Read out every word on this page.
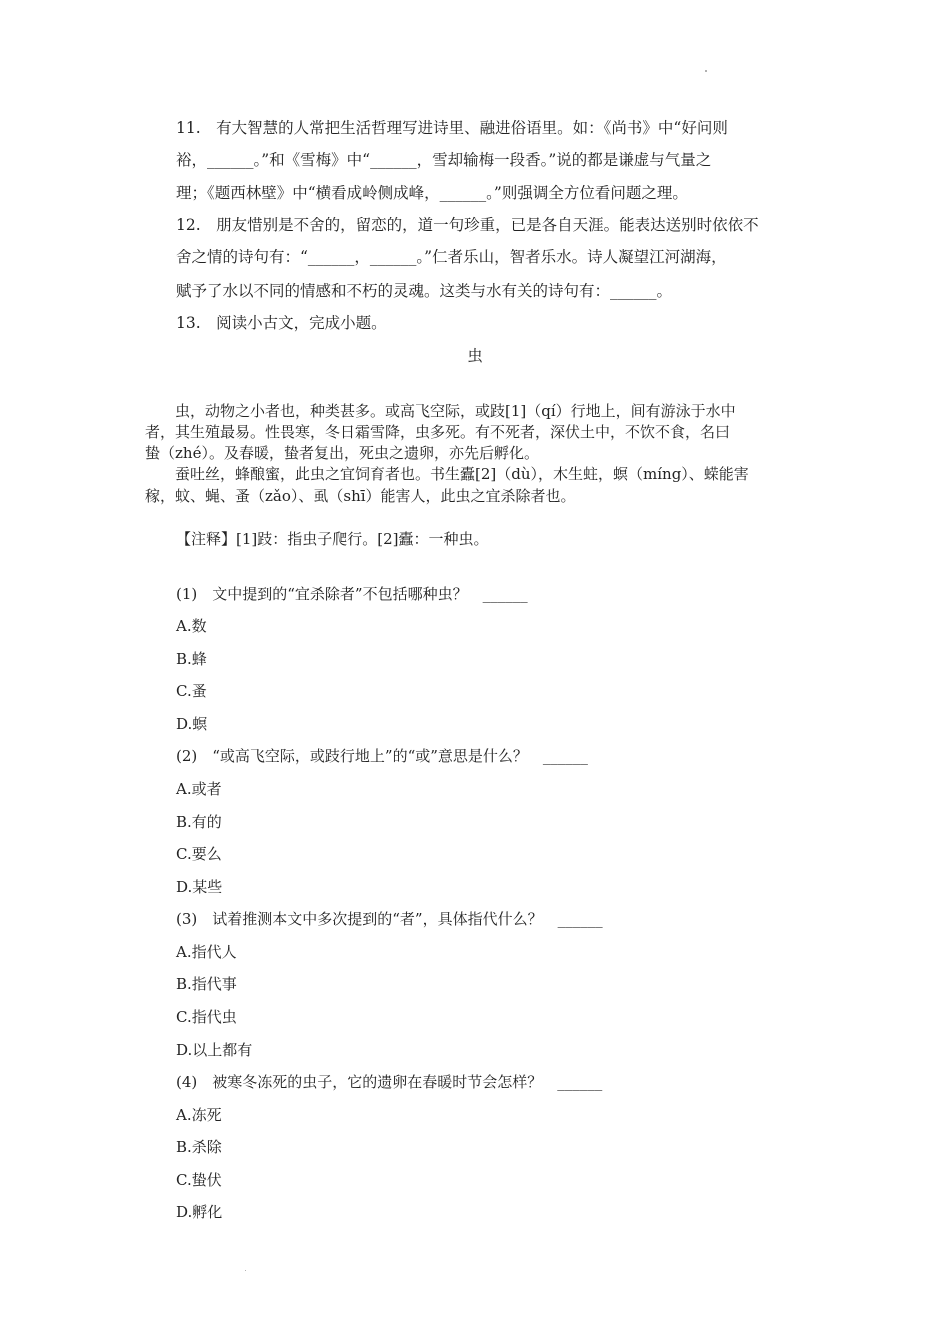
11.　有大智慧的人常把生活哲理写进诗里、融进俗语里。如：《尚书》中“好问则
裕，______。”和《雪梅》中“______，雪却输梅一段香。”说的都是谦虚与气量之
理；《题西林壁》中“横看成岭侧成峰，______。”则强调全方位看问题之理。
12.　朋友惜别是不舍的，留恋的，道一句珍重，已是各自天涯。能表达送别时依依不
舍之情的诗句有：“______，______。”仁者乐山，智者乐水。诗人凝望江河湖海，
赋予了水以不同的情感和不朽的灵魂。这类与水有关的诗句有：______。
13.　阅读小古文，完成小题。
虫
　　虫，动物之小者也，种类甚多。或高飞空际，或跂[1]（qí）行地上，间有游泳于水中
者，其生殖最易。性畏寒，冬日霜雪降，虫多死。有不死者，深伏土中，不饮不食，名曰
蛰（zhé）。及春暖，蛰者复出，死虫之遗卵，亦先后孵化。
　　蚕吐丝，蜂酿蜜，此虫之宜饲育者也。书生蠹[2]（dù），木生蛀，螟（míng）、蝾能害
稼，蚊、蝇、蚤（zǎo）、虱（shī）能害人，此虫之宜杀除者也。
【注释】[1]跂：指虫子爬行。[2]蠹：一种虫。
(1)　文中提到的“宜杀除者”不包括哪种虫？　______
A.数
B.蜂
C.蚤
D.螟
(2)　“或高飞空际，或跂行地上”的“或”意思是什么？　______
A.或者
B.有的
C.要么
D.某些
(3)　试着推测本文中多次提到的“者”，具体指代什么？　______
A.指代人
B.指代事
C.指代虫
D.以上都有
(4)　被寒冬冻死的虫子，它的遗卵在春暖时节会怎样？　______
A.冻死
B.杀除
C.蛰伏
D.孵化
